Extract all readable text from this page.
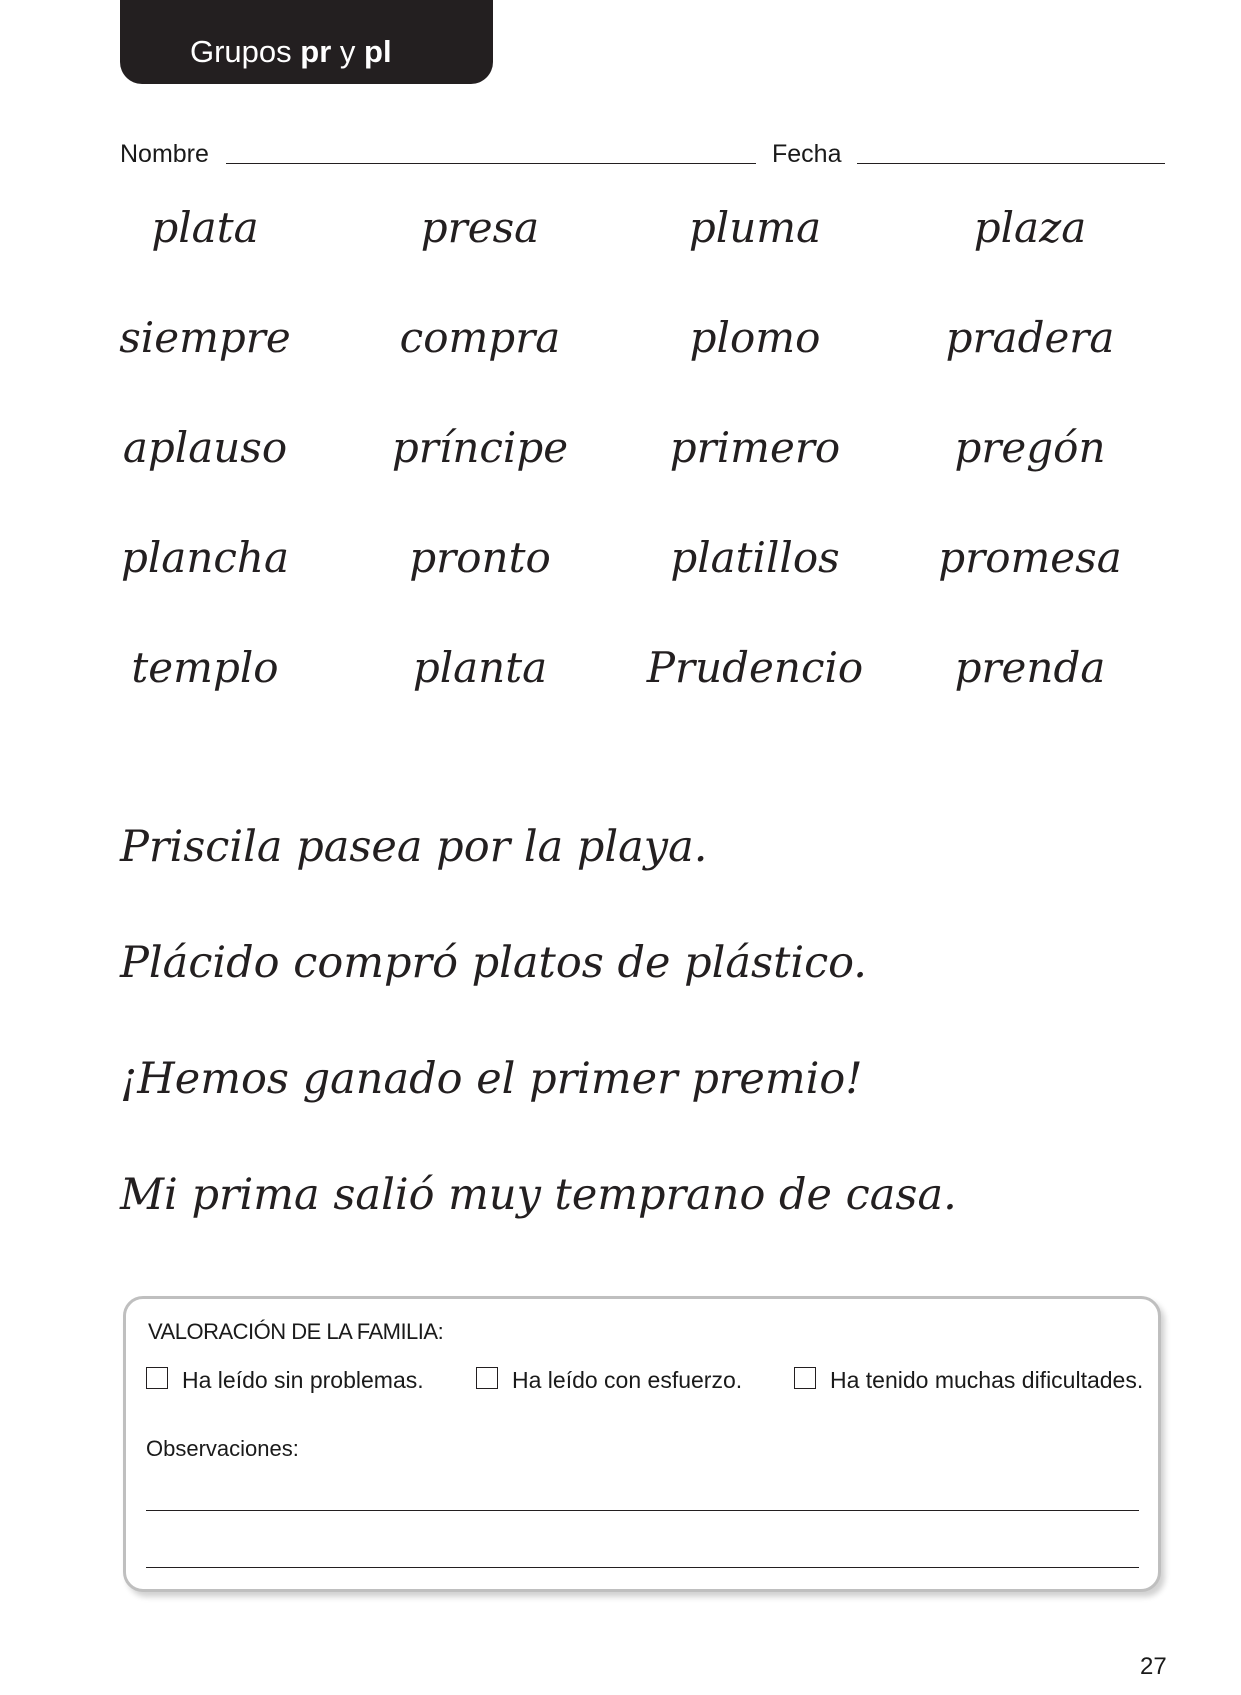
Grupos pr y pl
Nombre	Fecha
plata	presa	pluma	plaza
siempre	compra	plomo	pradera
aplauso	príncipe	primero	pregón
plancha	pronto	platillos	promesa
templo	planta	Prudencio	prenda
Priscila pasea por la playa.
Plácido compró platos de plástico.
¡Hemos ganado el primer premio!
Mi prima salió muy temprano de casa.
VALORACIÓN DE LA FAMILIA:
Ha leído sin problemas.	Ha leído con esfuerzo.	Ha tenido muchas dificultades.
Observaciones:
27
